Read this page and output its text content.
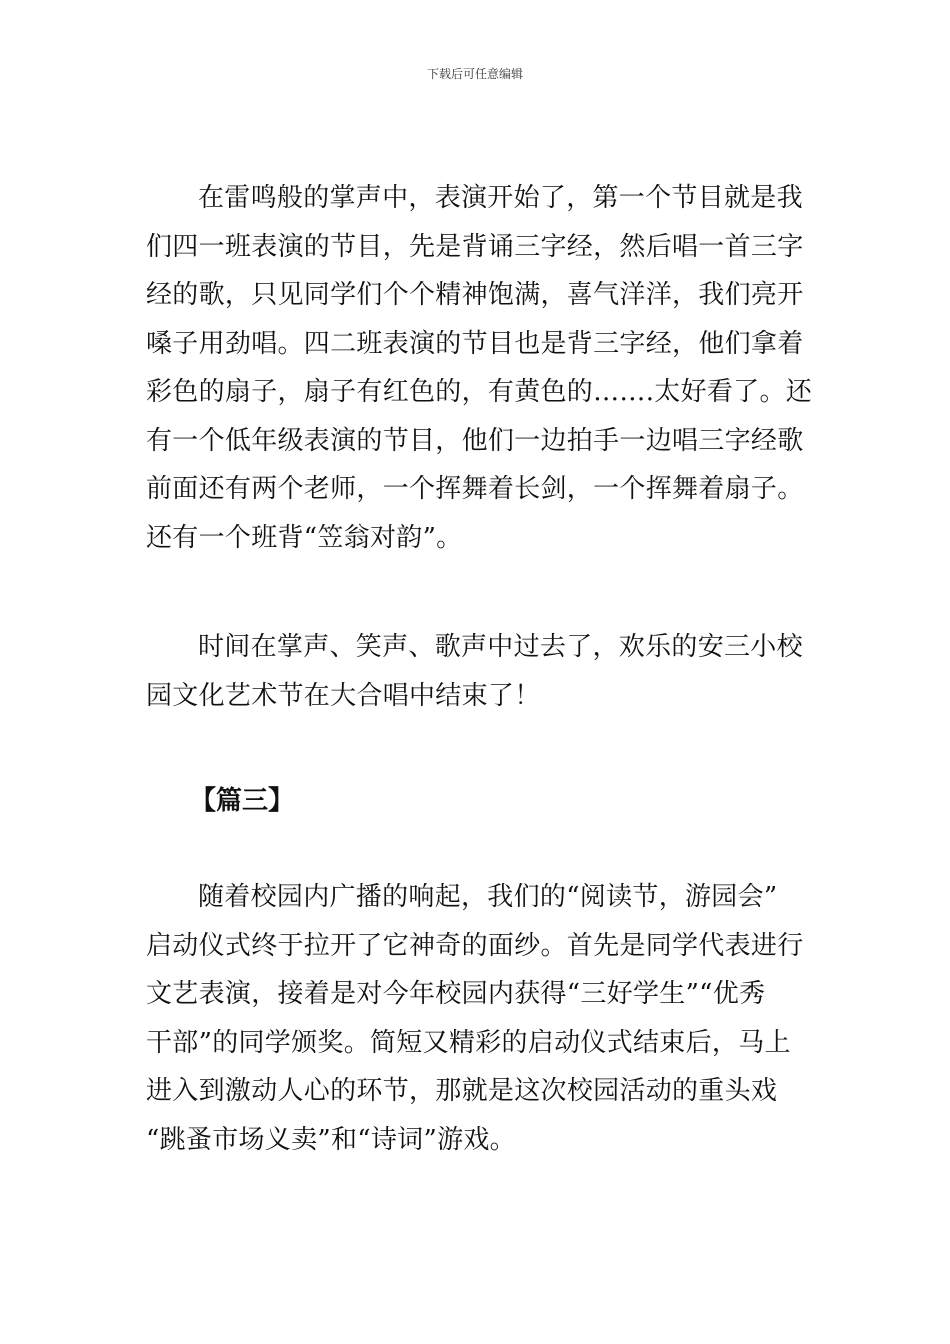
下载后可任意编辑
在雷鸣般的掌声中，表演开始了，第一个节目就是我
们四一班表演的节目，先是背诵三字经，然后唱一首三字
经的歌，只见同学们个个精神饱满，喜气洋洋，我们亮开
嗓子用劲唱。四二班表演的节目也是背三字经，他们拿着
彩色的扇子，扇子有红色的，有黄色的…….太好看了。还
有一个低年级表演的节目，他们一边拍手一边唱三字经歌
前面还有两个老师，一个挥舞着长剑，一个挥舞着扇子。
还有一个班背“笠翁对韵”。
时间在掌声、笑声、歌声中过去了，欢乐的安三小校
园文化艺术节在大合唱中结束了！
【篇三】
随着校园内广播的响起，我们的“阅读节，游园会”
启动仪式终于拉开了它神奇的面纱。首先是同学代表进行
文艺表演，接着是对今年校园内获得“三好学生”“优秀
干部”的同学颁奖。简短又精彩的启动仪式结束后，马上
进入到激动人心的环节，那就是这次校园活动的重头戏
“跳蚤市场义卖”和“诗词”游戏。
